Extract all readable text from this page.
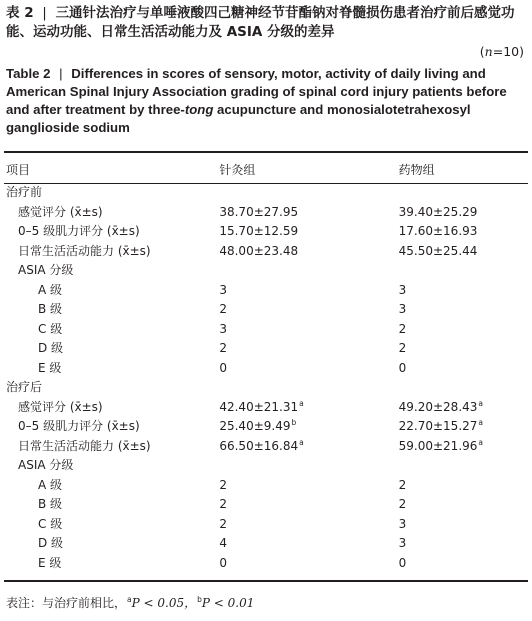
表 2 | 三通针法治疗与单唾液酸四己糖神经节苷酯钠对脊髓损伤患者治疗前后感觉功能、运动功能、日常生活活动能力及 ASIA 分级的差异
(n=10)
Table 2 | Differences in scores of sensory, motor, activity of daily living and American Spinal Injury Association grading of spinal cord injury patients before and after treatment by three-tong acupuncture and monosialotetrahexosyl ganglioside sodium
项目	针灸组	药物组
治疗前		
感觉评分 (x̄±s)	38.70±27.95	39.40±25.29
0–5 级肌力评分 (x̄±s)	15.70±12.59	17.60±16.93
日常生活活动能力 (x̄±s)	48.00±23.48	45.50±25.44
ASIA 分级		
A 级	3	3
B 级	2	3
C 级	3	2
D 级	2	2
E 级	0	0
治疗后		
感觉评分 (x̄±s)	42.40±21.31$^a$	49.20±28.43$^a$
0–5 级肌力评分 (x̄±s)	25.40±9.49$^b$	22.70±15.27$^a$
日常生活活动能力 (x̄±s)	66.50±16.84$^a$	59.00±21.96$^a$
ASIA 分级		
A 级	2	2
B 级	2	2
C 级	2	3
D 级	4	3
E 级	0	0
表注：与治疗前相比，$^a$P < 0.05，$^b$P < 0.01
